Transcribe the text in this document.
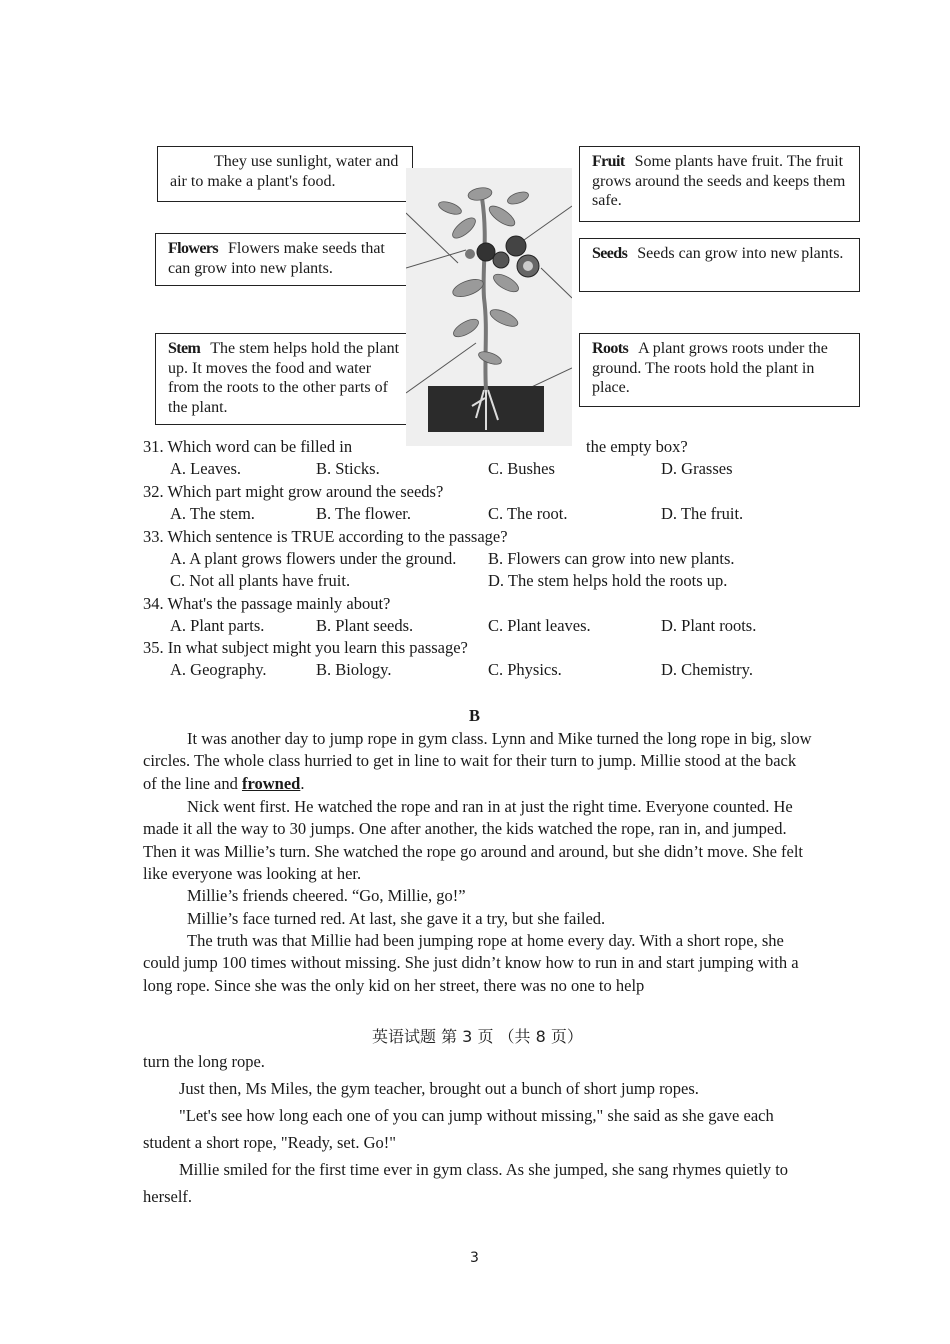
They use sunlight, water and air to make a plant's food.
Flowers Flowers make seeds that can grow into new plants.
Stem The stem helps hold the plant up. It moves the food and water from the roots to the other parts of the plant.
Fruit Some plants have fruit. The fruit grows around the seeds and keeps them safe.
Seeds Seeds can grow into new plants.
Roots A plant grows roots under the ground. The roots hold the plant in place.
31. Which word can be filled in	the empty box?
A. Leaves.	B. Sticks.	C. Bushes	D. Grasses
32. Which part might grow around the seeds?
A. The stem.	B. The flower.	C. The root.	D. The fruit.
33. Which sentence is TRUE according to the passage?
A. A plant grows flowers under the ground. B. Flowers can grow into new plants.
C. Not all plants have fruit.	D. The stem helps hold the roots up.
34. What's the passage mainly about?
A. Plant parts.	B. Plant seeds.	C. Plant leaves.	D. Plant roots.
35. In what subject might you learn this passage?
A. Geography.	B. Biology.	C. Physics.	D. Chemistry.
B
It was another day to jump rope in gym class. Lynn and Mike turned the long rope in big, slow circles. The whole class hurried to get in line to wait for their turn to jump. Millie stood at the back of the line and frowned.
Nick went first. He watched the rope and ran in at just the right time. Everyone counted. He made it all the way to 30 jumps. One after another, the kids watched the rope, ran in, and jumped. Then it was Millie’s turn. She watched the rope go around and around, but she didn’t move. She felt like everyone was looking at her.
Millie’s friends cheered. “Go, Millie, go!”
Millie’s face turned red. At last, she gave it a try, but she failed.
The truth was that Millie had been jumping rope at home every day. With a short rope, she could jump 100 times without missing. She just didn’t know how to run in and start jumping with a long rope. Since she was the only kid on her street, there was no one to help
英语试题 第 3 页 （共 8 页）
turn the long rope.
Just then, Ms Miles, the gym teacher, brought out a bunch of short jump ropes.
"Let's see how long each one of you can jump without missing," she said as she gave each student a short rope, "Ready, set. Go!"
Millie smiled for the first time ever in gym class. As she jumped, she sang rhymes quietly to herself.
3
